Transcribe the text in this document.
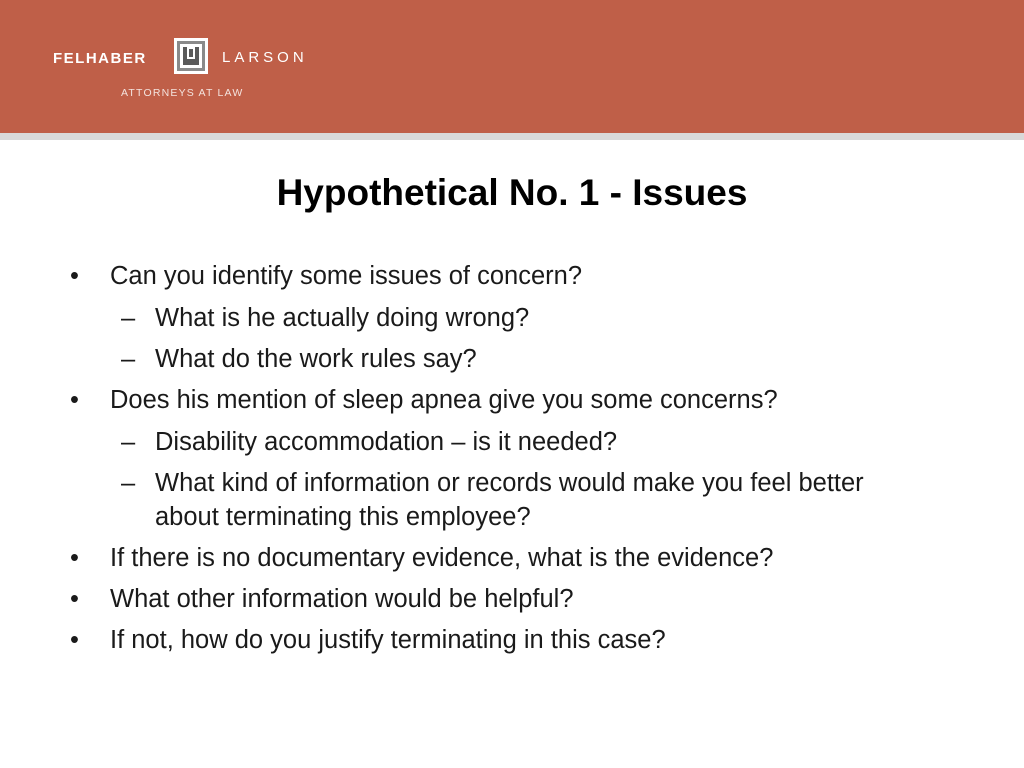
FELHABER	LARSON
ATTORNEYS AT LAW
Hypothetical No. 1 - Issues
• Can you identify some issues of concern?
– What is he actually doing wrong?
– What do the work rules say?
• Does his mention of sleep apnea give you some concerns?
– Disability accommodation – is it needed?
– What kind of information or records would make you feel better about terminating this employee?
• If there is no documentary evidence, what is the evidence?
• What other information would be helpful?
• If not, how do you justify terminating in this case?
